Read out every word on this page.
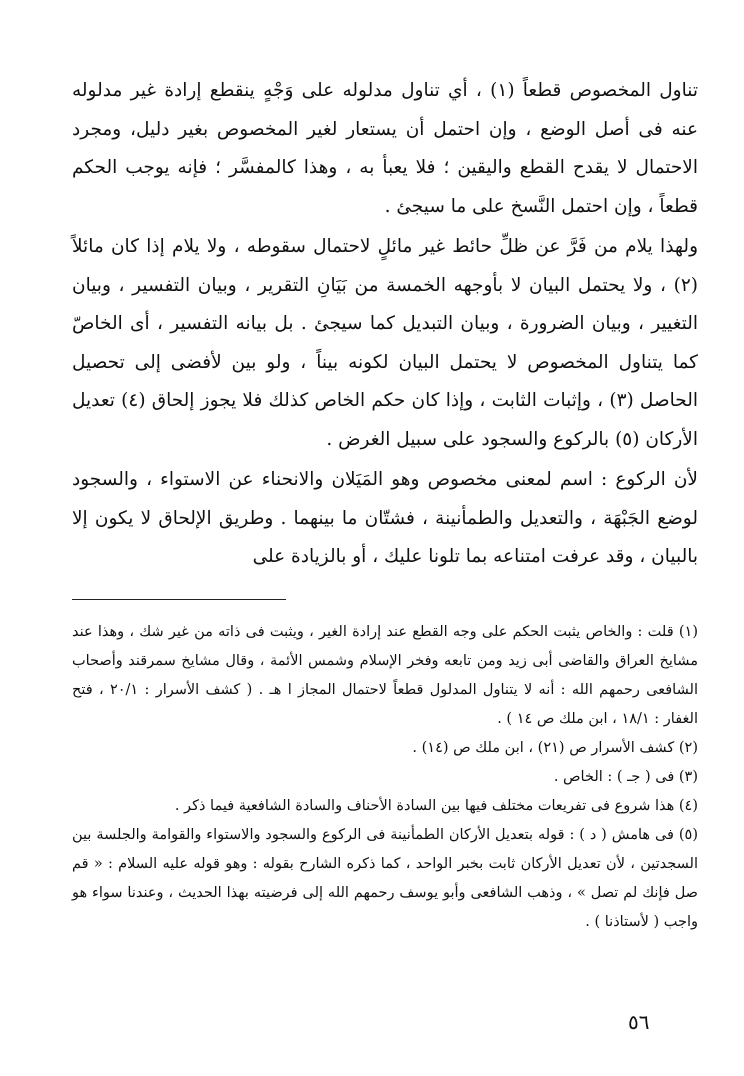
تناول المخصوص قطعاً (١) ، أي تناول مدلوله على وَجْهٍ ينقطع إرادة غير مدلوله عنه فى أصل الوضع ، وإن احتمل أن يستعار لغير المخصوص بغير دليل، ومجرد الاحتمال لا يقدح القطع واليقين ؛ فلا يعبأ به ، وهذا كالمفسَّر ؛ فإنه يوجب الحكم قطعاً ، وإن احتمل النَّسخ على ما سيجئ .

ولهذا يلام من فَرَّ عن ظلِّ حائط غير مائلٍ لاحتمال سقوطه ، ولا يلام إذا كان مائلاً (٢) ، ولا يحتمل البيان لا بأوجهه الخمسة من بَيَانِ التقرير ، وبيان التفسير ، وبيان التغيير ، وبيان الضرورة ، وبيان التبديل كما سيجئ . بل بيانه التفسير ، أى الخاصّ كما يتناول المخصوص لا يحتمل البيان لكونه بيناً ، ولو بين لأفضى إلى تحصيل الحاصل (٣) ، وإثبات الثابت ، وإذا كان حكم الخاص كذلك فلا يجوز إلحاق (٤) تعديل الأركان (٥) بالركوع والسجود على سبيل الغرض .

لأن الركوع : اسم لمعنى مخصوص وهو المَيَلان والانحناء عن الاستواء ، والسجود لوضع الجَبْهَة ، والتعديل والطمأنينة ، فشتّان ما بينهما . وطريق الإلحاق لا يكون إلا بالبيان ، وقد عرفت امتناعه بما تلونا عليك ، أو بالزيادة على

(١) قلت : والخاص يثبت الحكم على وجه القطع عند إرادة الغير ، ويثبت فى ذاته من غير شك ، وهذا عند مشايخ العراق والقاضى أبى زيد ومن تابعه وفخر الإسلام وشمس الأئمة ، وقال مشايخ سمرقند وأصحاب الشافعى رحمهم الله : أنه لا يتناول المدلول قطعاً لاحتمال المجاز ا هـ . ( كشف الأسرار : ٢٠/١ ، فتح الغفار : ١٨/١ ، ابن ملك ص ١٤ ) .

(٢) كشف الأسرار ص (٢١) ، ابن ملك ص (١٤) .

(٣) فى ( جـ ) : الخاص .

(٤) هذا شروع فى تفريعات مختلف فيها بين السادة الأحناف والسادة الشافعية فيما ذكر .

(٥) فى هامش ( د ) : قوله بتعديل الأركان الطمأنينة فى الركوع والسجود والاستواء والقوامة والجلسة بين السجدتين ، لأن تعديل الأركان ثابت بخبر الواحد ، كما ذكره الشارح بقوله : وهو قوله عليه السلام : « قم صل فإنك لم تصل » ، وذهب الشافعى وأبو يوسف رحمهم الله إلى فرضيته بهذا الحديث ، وعندنا سواء هو واجب ( لأستاذنا ) .

٥٦
